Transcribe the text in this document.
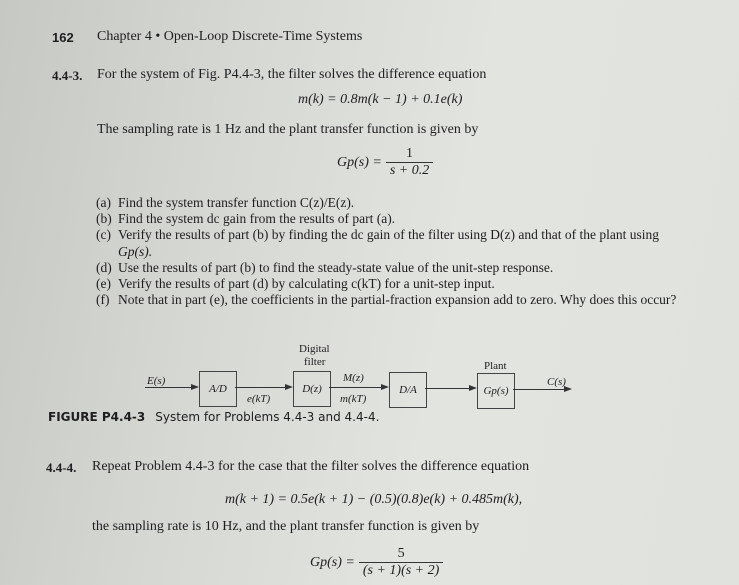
162 Chapter 4 • Open-Loop Discrete-Time Systems
4.4-3. For the system of Fig. P4.4-3, the filter solves the difference equation
m(k) = 0.8m(k − 1) + 0.1e(k)
The sampling rate is 1 Hz and the plant transfer function is given by
$Gp(s) = \frac{1}{s + 0.2}$
(a) Find the system transfer function C(z)/E(z).
(b) Find the system dc gain from the results of part (a).
(c) Verify the results of part (b) by finding the dc gain of the filter using D(z) and that of the plant using
Gp(s).
(d) Use the results of part (b) to find the steady-state value of the unit-step response.
(e) Verify the results of part (d) by calculating c(kT) for a unit-step input.
(f) Note that in part (e), the coefficients in the partial-fraction expansion add to zero. Why does this occur?
Digital
filter	Plant
E(s)
A/D
e(kT)
D(z)
M(z)
m(kT)
D/A	Gp(s)
C(s)
FIGURE P4.4-3 System for Problems 4.4-3 and 4.4-4.
4.4-4. Repeat Problem 4.4-3 for the case that the filter solves the difference equation
m(k + 1) = 0.5e(k + 1) − (0.5)(0.8)e(k) + 0.485m(k),
the sampling rate is 10 Hz, and the plant transfer function is given by
$Gp(s) = \frac{5}{(s + 1)(s + 2)}$
